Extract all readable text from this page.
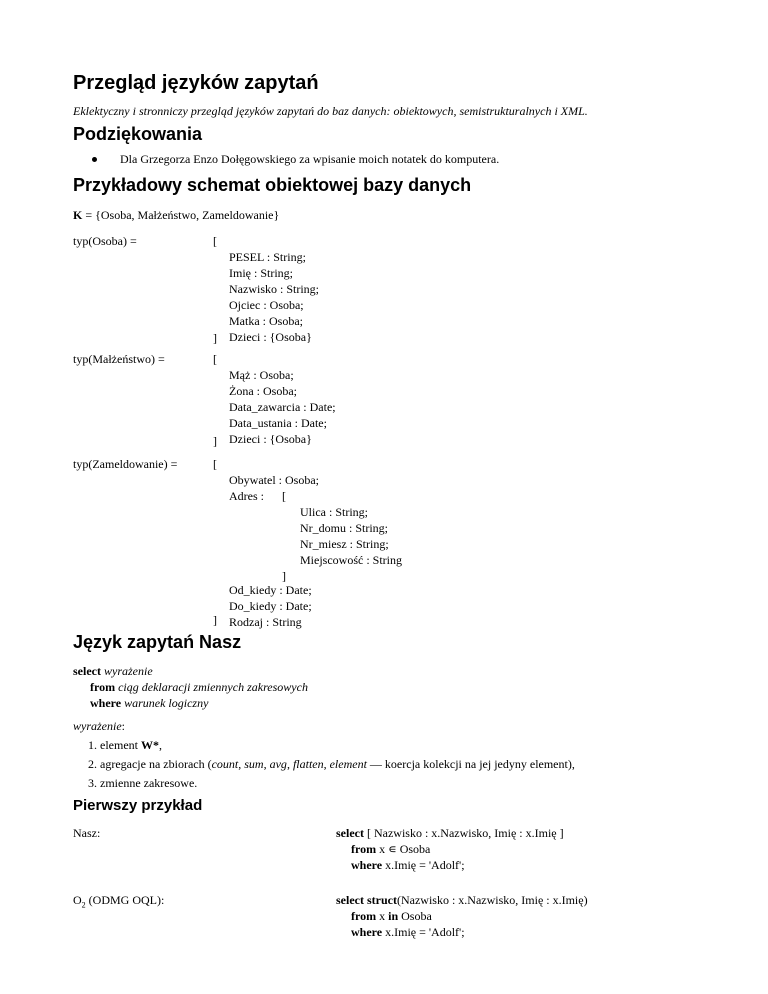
Przegląd języków zapytań
Eklektyczny i stronniczy przegląd języków zapytań do baz danych: obiektowych, semistrukturalnych i XML.
Podziękowania
Dla Grzegorza Enzo Dołęgowskiego za wpisanie moich notatek do komputera.
Przykładowy schemat obiektowej bazy danych
K = {Osoba, Małżeństwo, Zameldowanie}
typ(Osoba) =	[
PESEL : String;
Imię : String;
Nazwisko : String;
Ojciec : Osoba;
Matka : Osoba;
Dzieci : {Osoba}
]
typ(Małżeństwo) =	[
Mąż : Osoba;
Żona : Osoba;
Data_zawarcia : Date;
Data_ustania : Date;
Dzieci : {Osoba}
]
typ(Zameldowanie) =	[
Obywatel : Osoba;
Adres : [
Ulica : String;
Nr_domu : String;
Nr_miesz : String;
Miejscowość : String
]
Od_kiedy : Date;
Do_kiedy : Date;
Rodzaj : String
]
Język zapytań Nasz
select wyrażenie
from ciąg deklaracji zmiennych zakresowych
where warunek logiczny
wyrażenie:
1. element W*,
2. agregacje na zbiorach (count, sum, avg, flatten, element — koercja kolekcji na jej jedyny element),
3. zmienne zakresowe.
Pierwszy przykład
Nasz:	select [ Nazwisko : x.Nazwisko, Imię : x.Imię ]
from x ∊ Osoba
where x.Imię = 'Adolf';
$O_2$ (ODMG OQL):	select struct(Nazwisko : x.Nazwisko, Imię : x.Imię)
from x in Osoba
where x.Imię = 'Adolf';
